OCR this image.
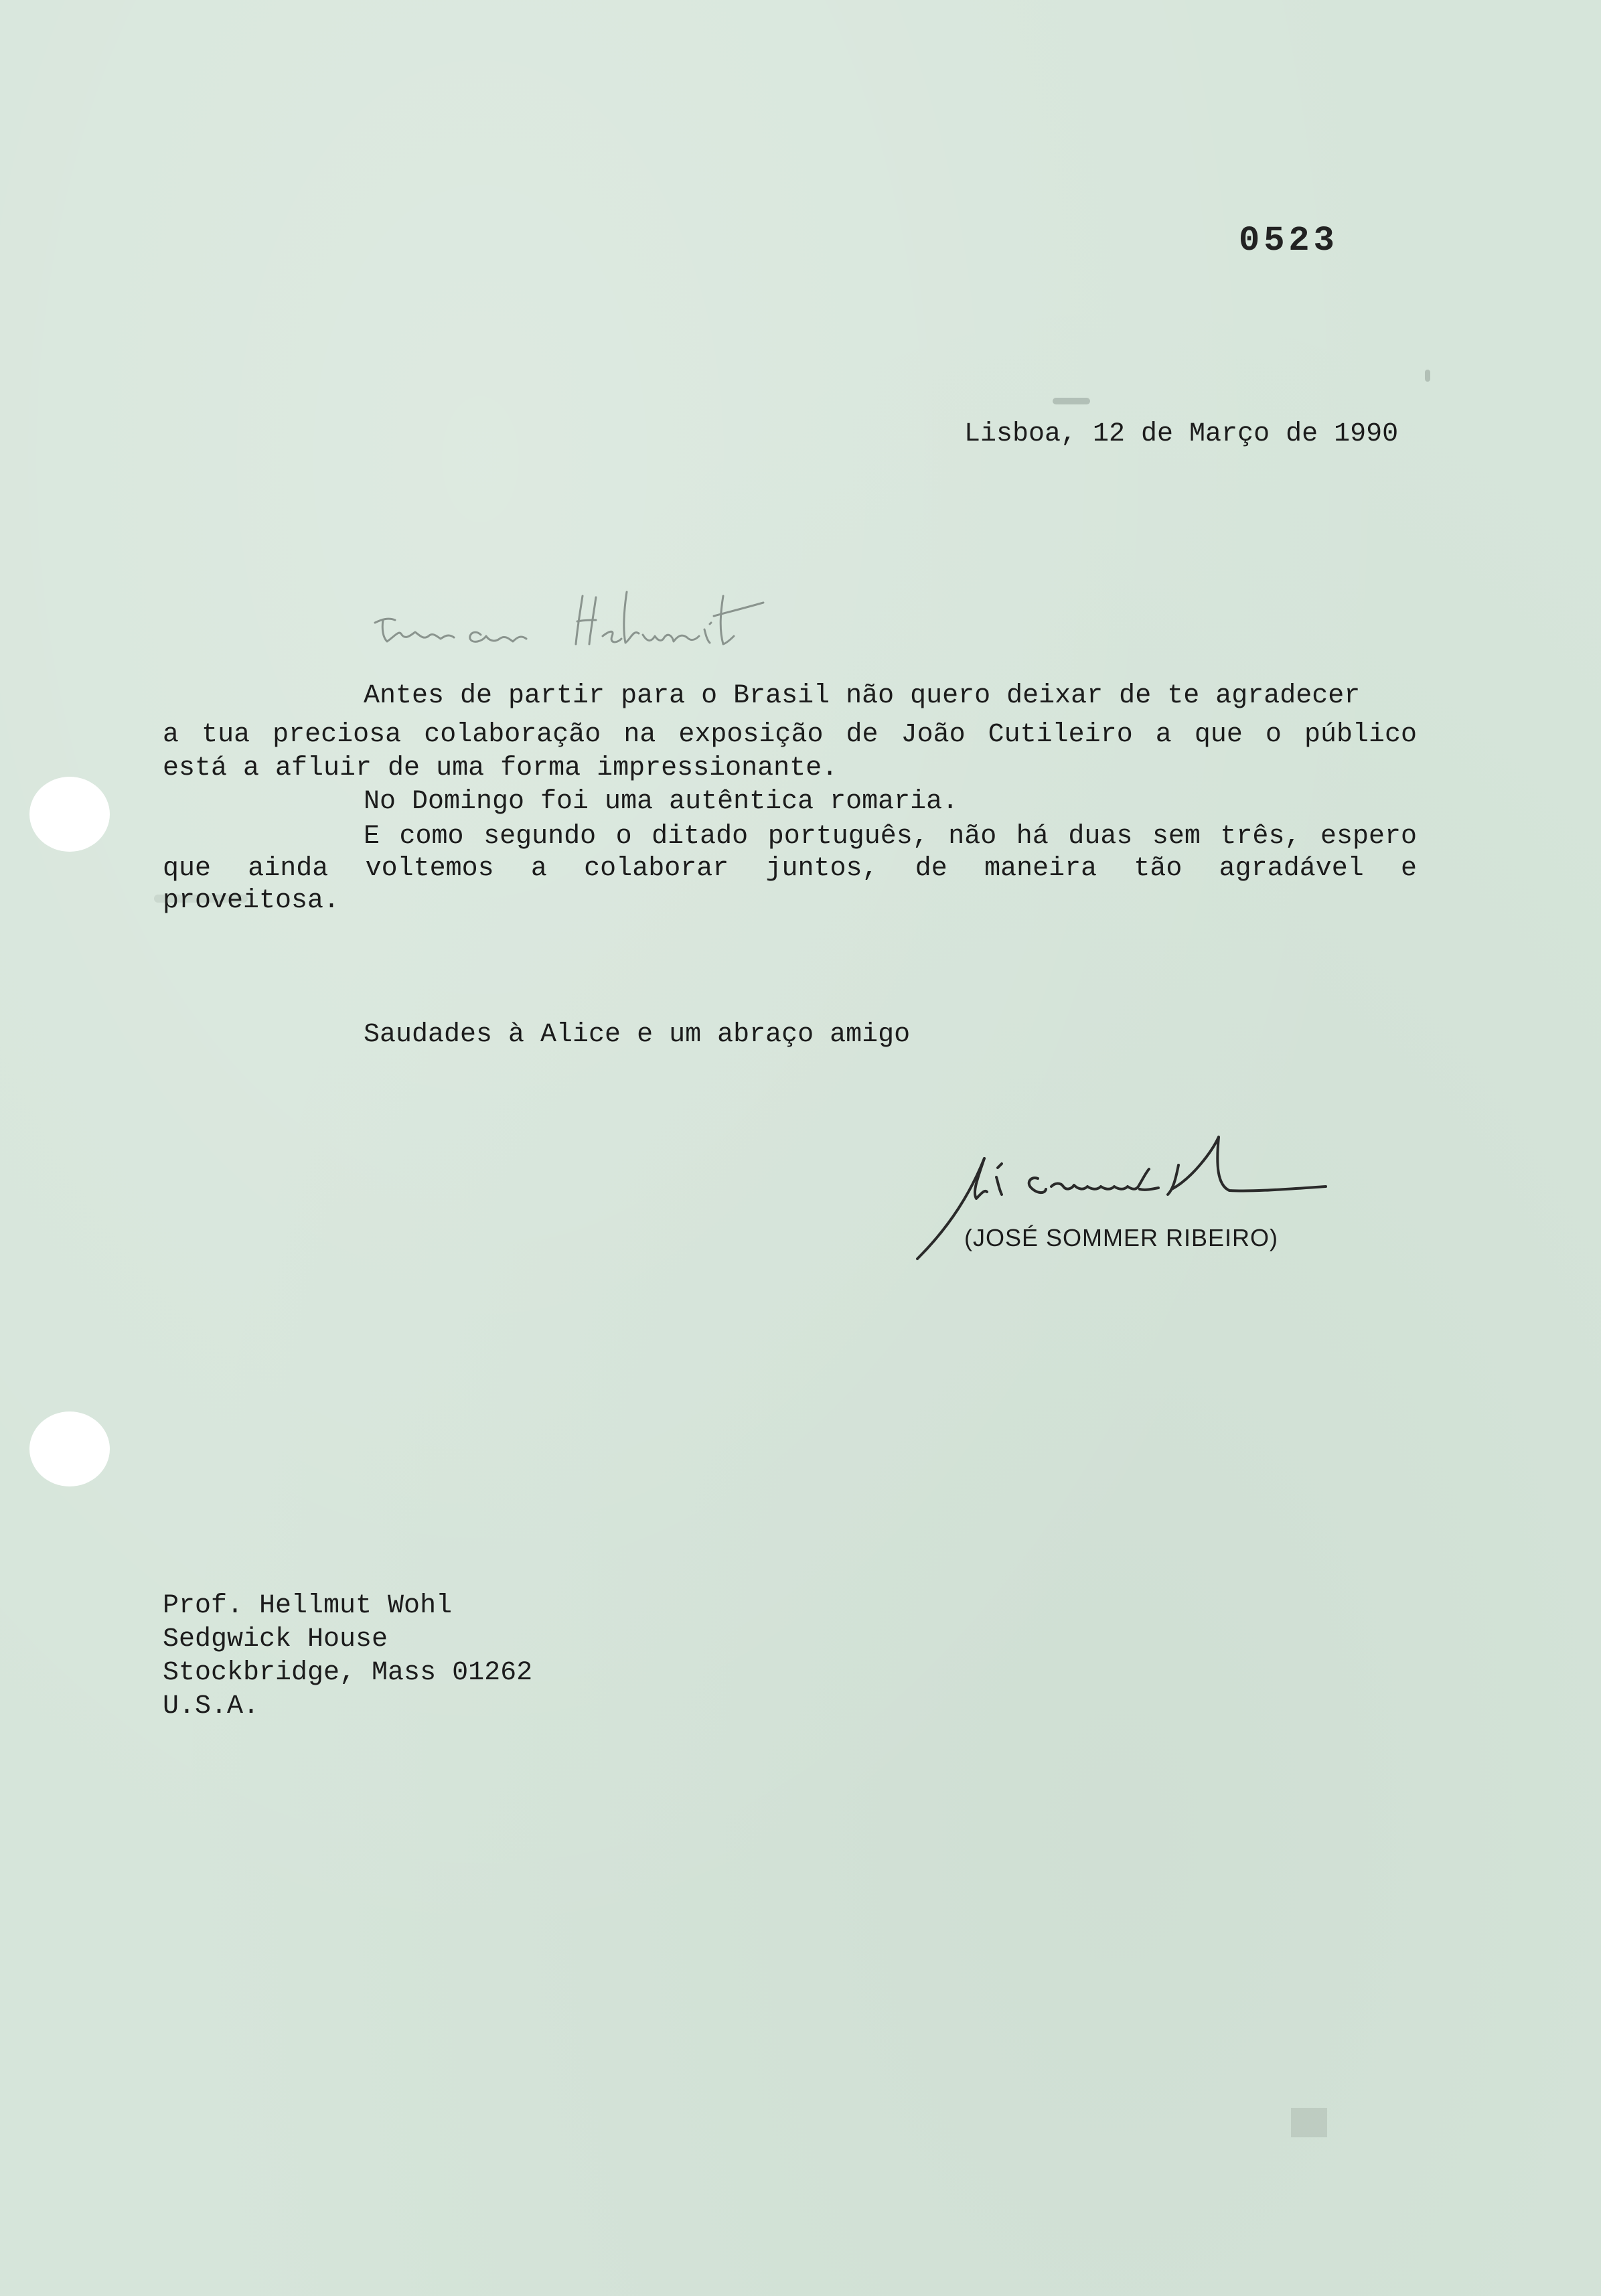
0523
Lisboa, 12 de Março de 1990
Antes de partir para o Brasil não quero deixar de te agradecer
a tua preciosa colaboração na exposição de João Cutileiro a que o público
está a afluir de uma forma impressionante.
No Domingo foi uma autêntica romaria.
E como segundo o ditado português, não há duas sem três, espero
que ainda voltemos a colaborar juntos, de maneira tão agradável e
proveitosa.
Saudades à Alice e um abraço amigo
(JOSÉ SOMMER RIBEIRO)
Prof. Hellmut Wohl
Sedgwick House
Stockbridge, Mass 01262
U.S.A.
